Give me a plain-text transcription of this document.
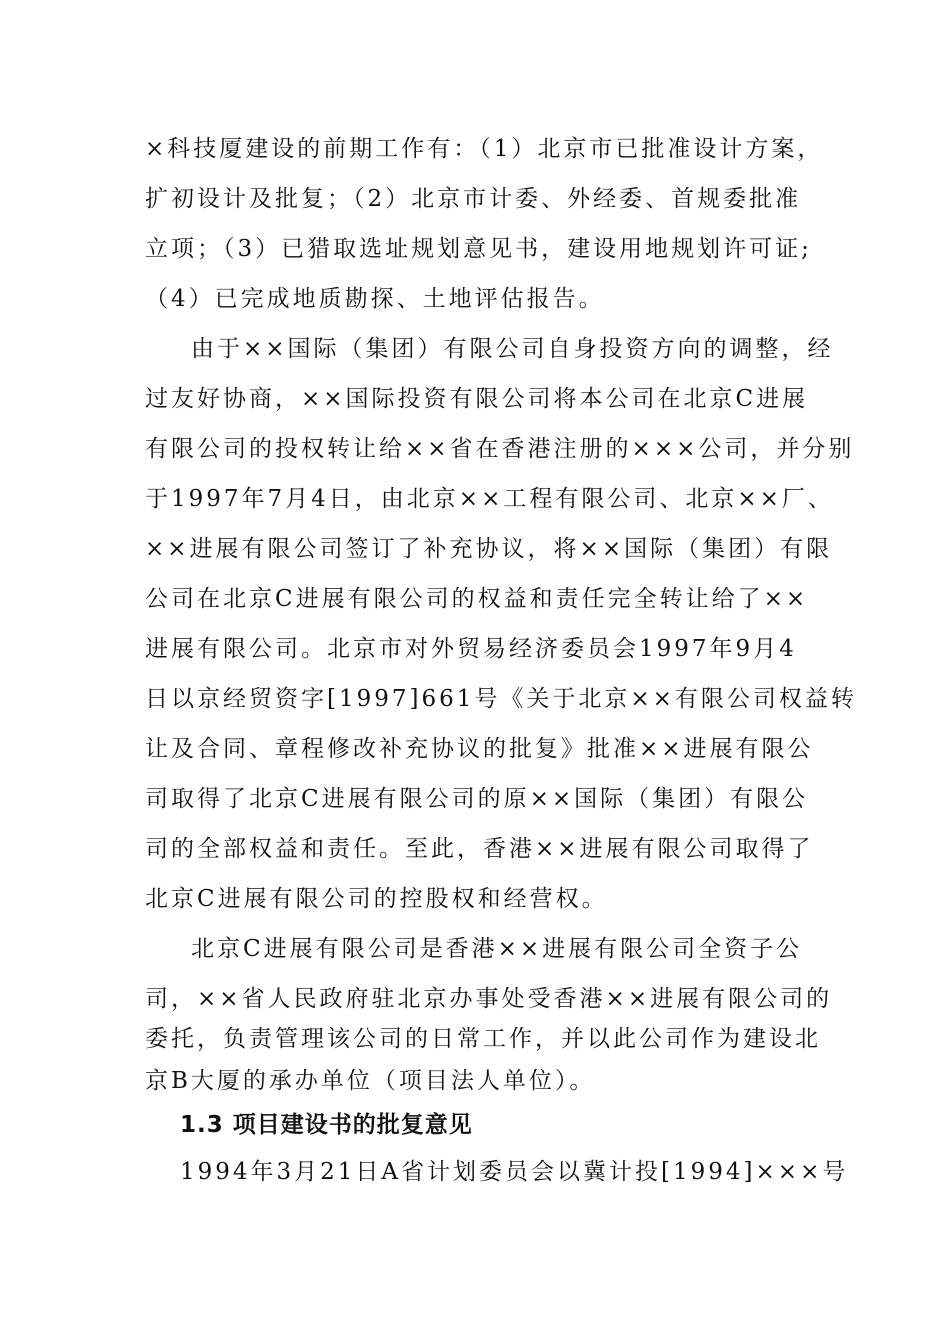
×科技厦建设的前期工作有：（1）北京市已批准设计方案，
扩初设计及批复；（2）北京市计委、外经委、首规委批准
立项；（3）已猎取选址规划意见书，建设用地规划许可证;
（4）已完成地质勘探、土地评估报告。
由于××国际（集团）有限公司自身投资方向的调整，经
过友好协商，××国际投资有限公司将本公司在北京C进展
有限公司的投权转让给××省在香港注册的×××公司，并分别
于1997年7月4日，由北京××工程有限公司、北京××厂、
××进展有限公司签订了补充协议，将××国际（集团）有限
公司在北京C进展有限公司的权益和责任完全转让给了××
进展有限公司。北京市对外贸易经济委员会1997年9月4
日以京经贸资字[1997]661号《关于北京××有限公司权益转
让及合同、章程修改补充协议的批复》批准××进展有限公
司取得了北京C进展有限公司的原××国际（集团）有限公
司的全部权益和责任。至此，香港××进展有限公司取得了
北京C进展有限公司的控股权和经营权。
北京C进展有限公司是香港××进展有限公司全资子公
司，××省人民政府驻北京办事处受香港××进展有限公司的
委托，负责管理该公司的日常工作，并以此公司作为建设北
京B大厦的承办单位（项目法人单位）。
1.3 项目建设书的批复意见
1994年3月21日A省计划委员会以冀计投[1994]×××号
